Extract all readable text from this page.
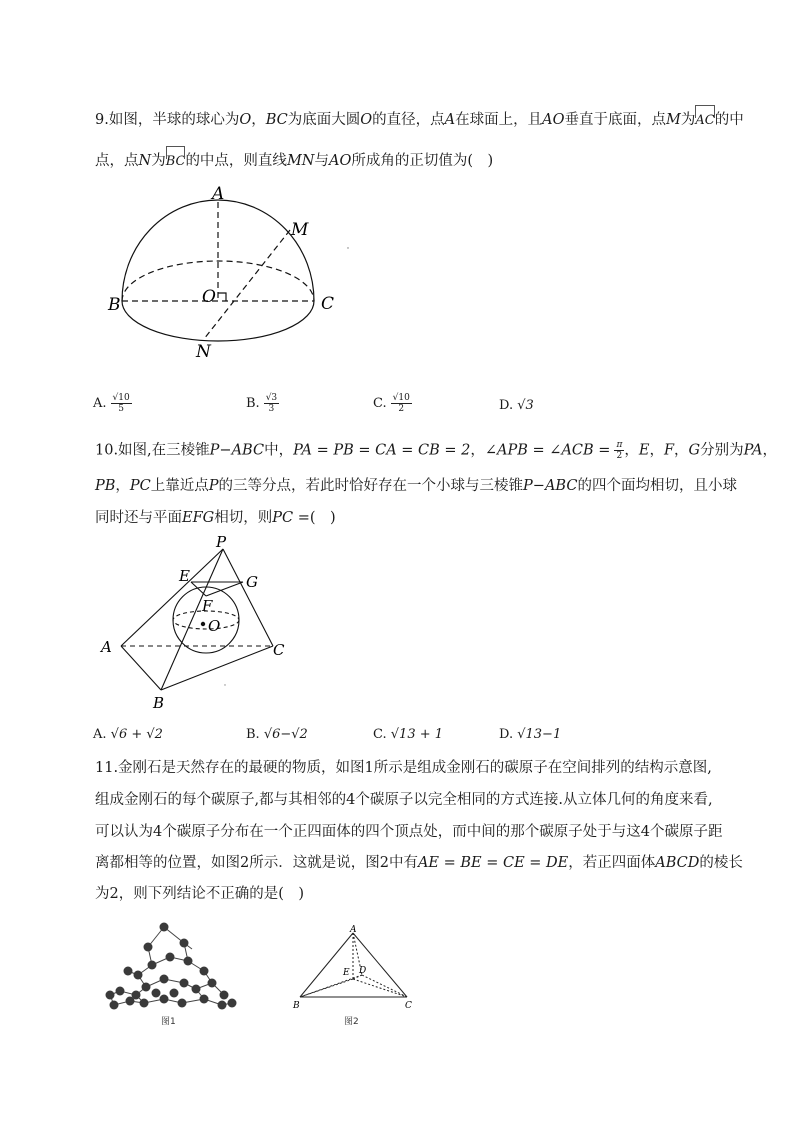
9.如图，半球的球心为O，BC为底面大圆O的直径，点A在球面上，且AO垂直于底面，点M为AC的中
点，点N为BC的中点，则直线MN与AO所成角的正切值为(　)
A
M
O
B	C
N
A. $\frac{√10}{5}$	B. $\frac{√3}{3}$	C. $\frac{√10}{2}$	D. √3
10.如图,在三棱锥P−ABC中，PA = PB = CA = CB = 2，∠APB = ∠ACB = $\frac{\pi}{2}$ ，E，F，G分别为PA，
PB，PC上靠近点P的三等分点，若此时恰好存在一个小球与三棱锥P−ABC的四个面均相切，且小球
同时还与平面EFG相切，则PC =(　)
P
E	G
F
O
A	C
B
A. √6 + √2	B. √6−√2	C. √13 + 1	D. √13−1
11.金刚石是天然存在的最硬的物质，如图1所示是组成金刚石的碳原子在空间排列的结构示意图,
组成金刚石的每个碳原子,都与其相邻的4个碳原子以完全相同的方式连接.从立体几何的角度来看,
可以认为4个碳原子分布在一个正四面体的四个顶点处，而中间的那个碳原子处于与这4个碳原子距
离都相等的位置，如图2所示．这就是说，图2中有AE = BE = CE = DE，若正四面体ABCD的棱长
为2，则下列结论不正确的是(　)
图1
A
E D
B	C
图2
